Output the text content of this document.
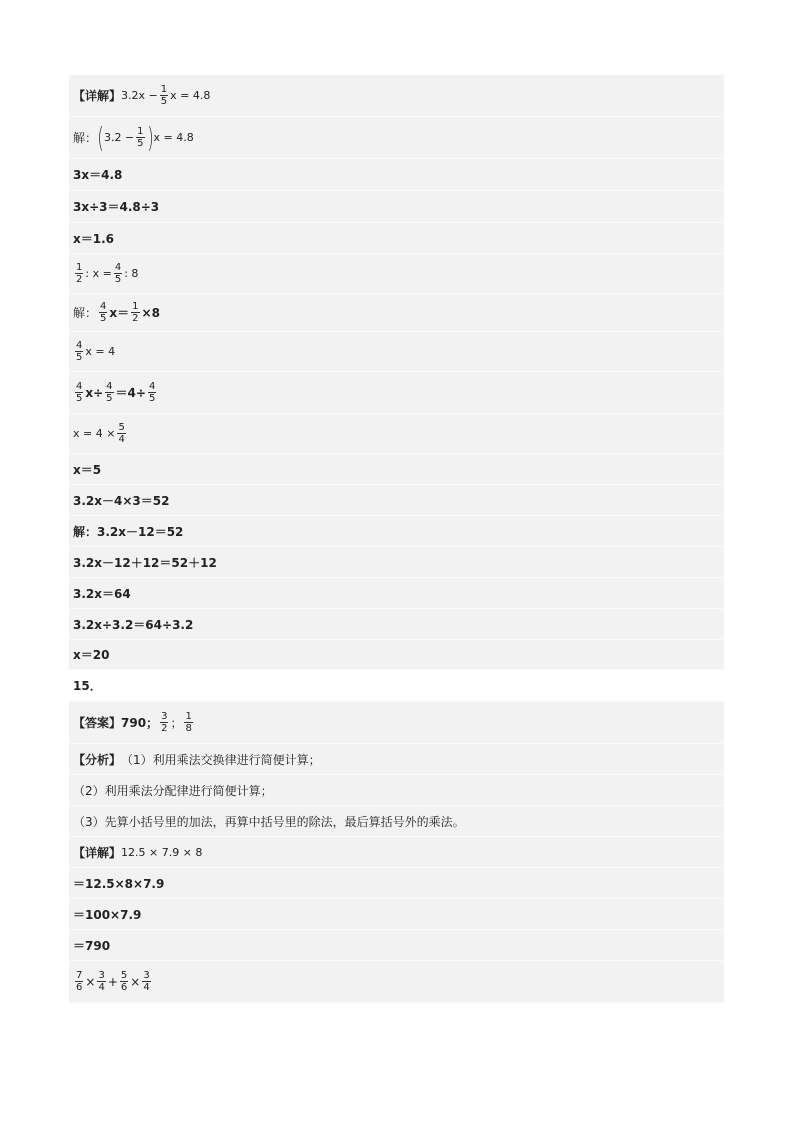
【详解】 $3.2x - \frac{1}{5}$ x = 4.8
解： ( $3.2 - \frac{1}{5}$ ) x = 4.8
3x＝4.8
3x÷3＝4.8÷3
x＝1.6
$\frac{1}{2}$ : $x = \frac{4}{5}$ : 8
解： $\frac{4}{5} x= \frac{1}{2} \times 8$
$\frac{4}{5}$ x = 4
$\frac{4}{5} x\div \frac{4}{5} =4\div \frac{4}{5}$
$x = 4 \times \frac{5}{4}$
x＝5
3.2x－4×3＝52
解：3.2x－12＝52
3.2x－12＋12＝52＋12
3.2x＝64
3.2x÷3.2＝64÷3.2
x＝20
15．
【答案】 790； $\frac{3}{2}$ ； $\frac{1}{8}$
【分析】 （1）利用乘法交换律进行简便计算；
（2）利用乘法分配律进行简便计算；
（3）先算小括号里的加法，再算中括号里的除法，最后算括号外的乘法。
【详解】 12.5 × 7.9 × 8
＝12.5×8×7.9
＝100×7.9
＝790
$\frac{7}{6} \times \frac{3}{4} + \frac{5}{6} \times \frac{3}{4}$
